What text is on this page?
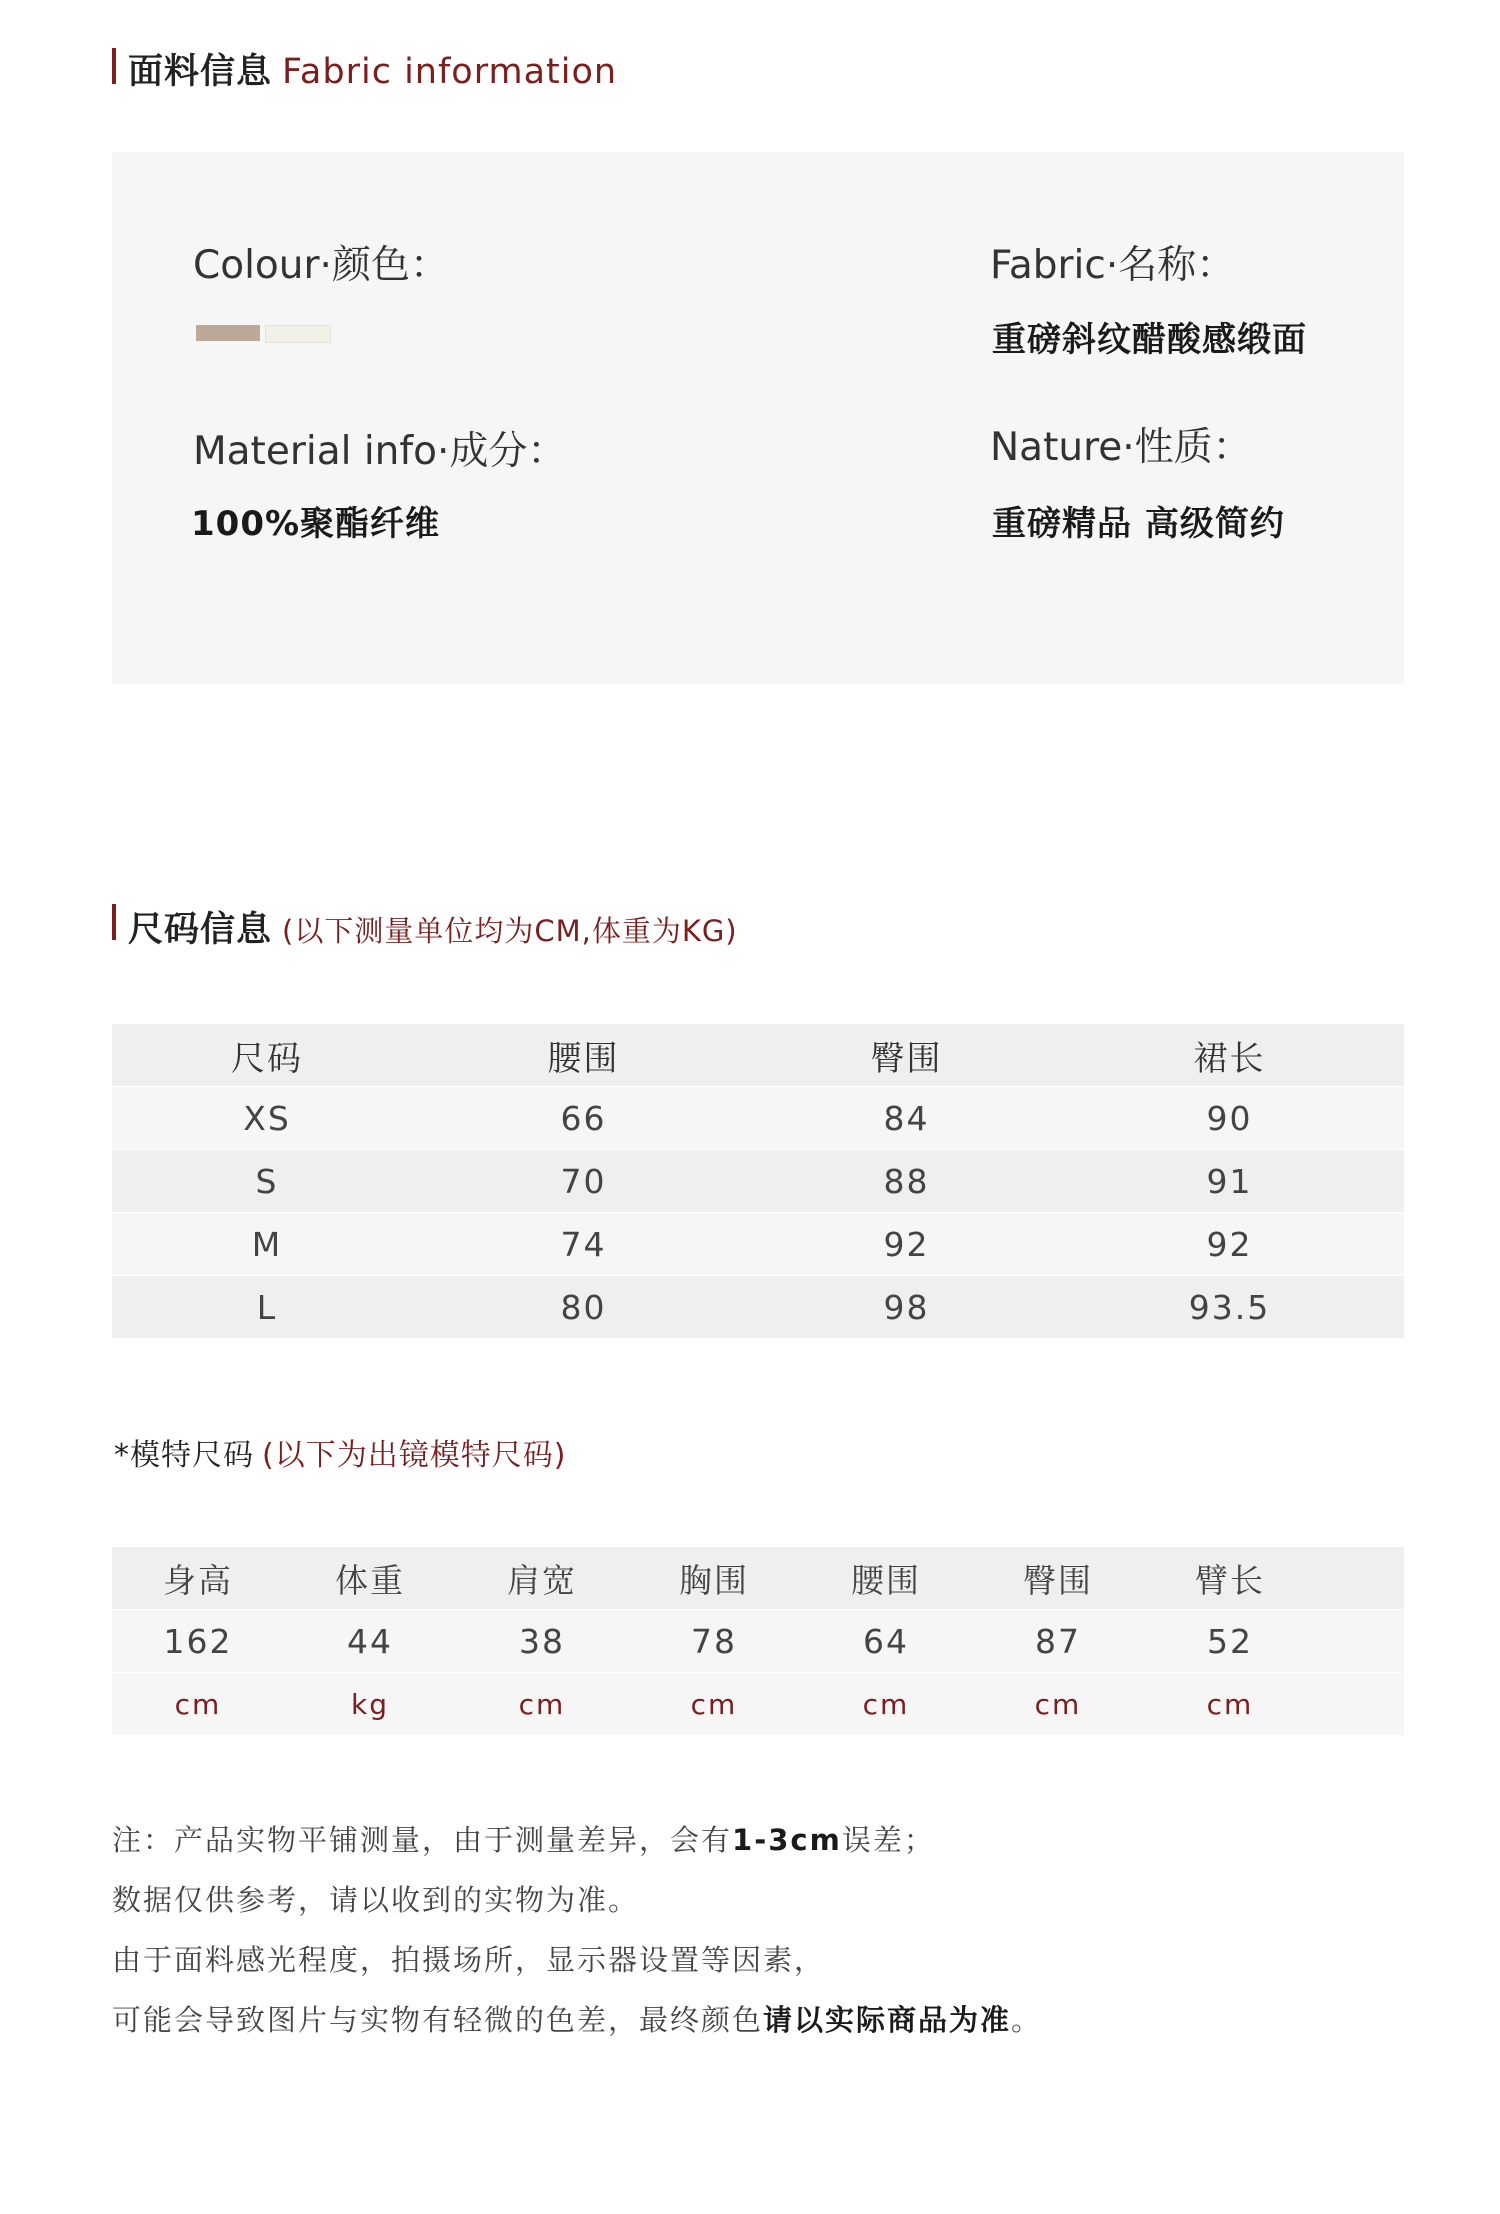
面料信息 Fabric information
Colour·颜色：	Fabric·名称：
重磅斜纹醋酸感缎面
Material info·成分：
100%聚酯纤维
Nature·性质：
重磅精品 高级简约
尺码信息 (以下测量单位均为CM,体重为KG)
尺码	腰围	臀围	裙长
XS	66	84	90
S	70	88	91
M	74	92	92
L	80	98	93.5
*模特尺码 (以下为出镜模特尺码)
身高	体重	肩宽	胸围	腰围	臀围	臂长
162	44	38	78	64	87	52
cm	kg	cm	cm	cm	cm	cm
注：产品实物平铺测量，由于测量差异，会有1-3cm误差；
数据仅供参考，请以收到的实物为准。
由于面料感光程度，拍摄场所，显示器设置等因素，
可能会导致图片与实物有轻微的色差，最终颜色请以实际商品为准。
